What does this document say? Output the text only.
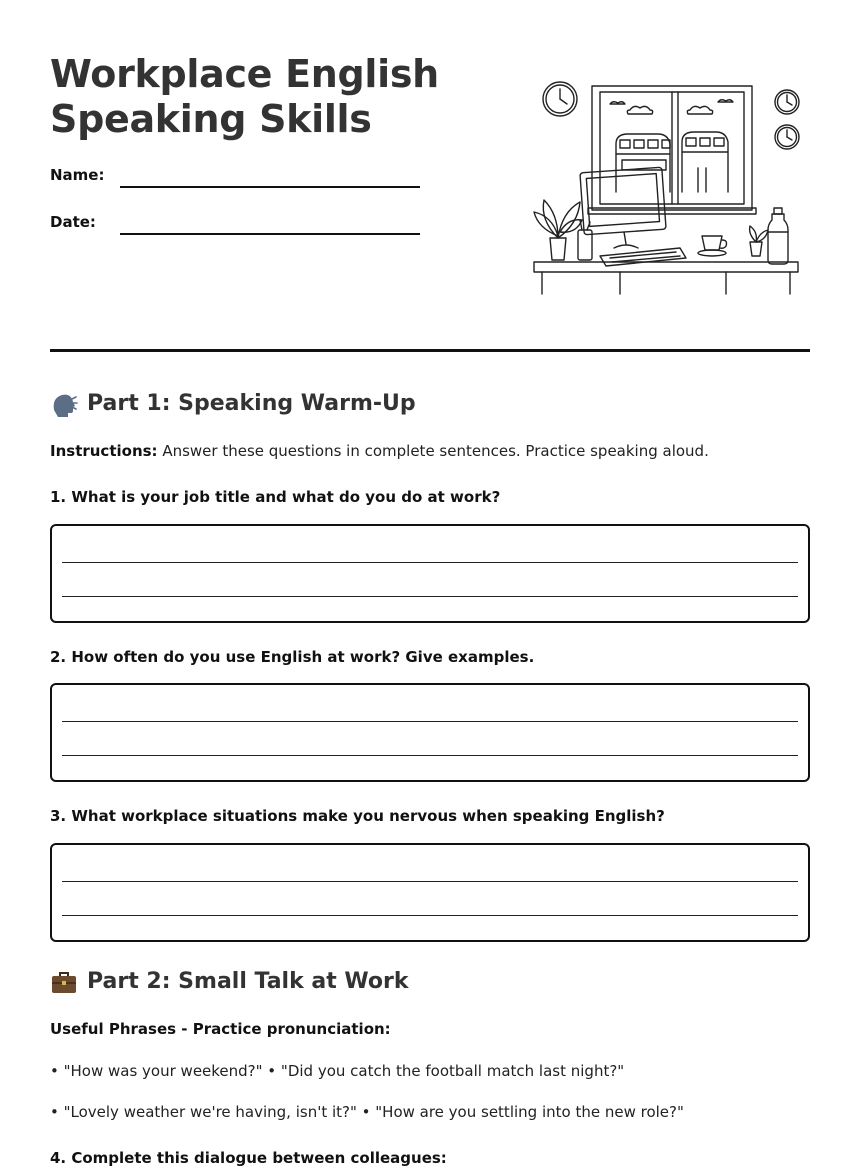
Workplace English
Speaking Skills
Name:
Date:
Part 1: Speaking Warm-Up
Instructions: Answer these questions in complete sentences. Practice speaking aloud.
1. What is your job title and what do you do at work?
2. How often do you use English at work? Give examples.
3. What workplace situations make you nervous when speaking English?
Part 2: Small Talk at Work
Useful Phrases - Practice pronunciation:
• "How was your weekend?" • "Did you catch the football match last night?"
• "Lovely weather we're having, isn't it?" • "How are you settling into the new role?"
4. Complete this dialogue between colleagues:
